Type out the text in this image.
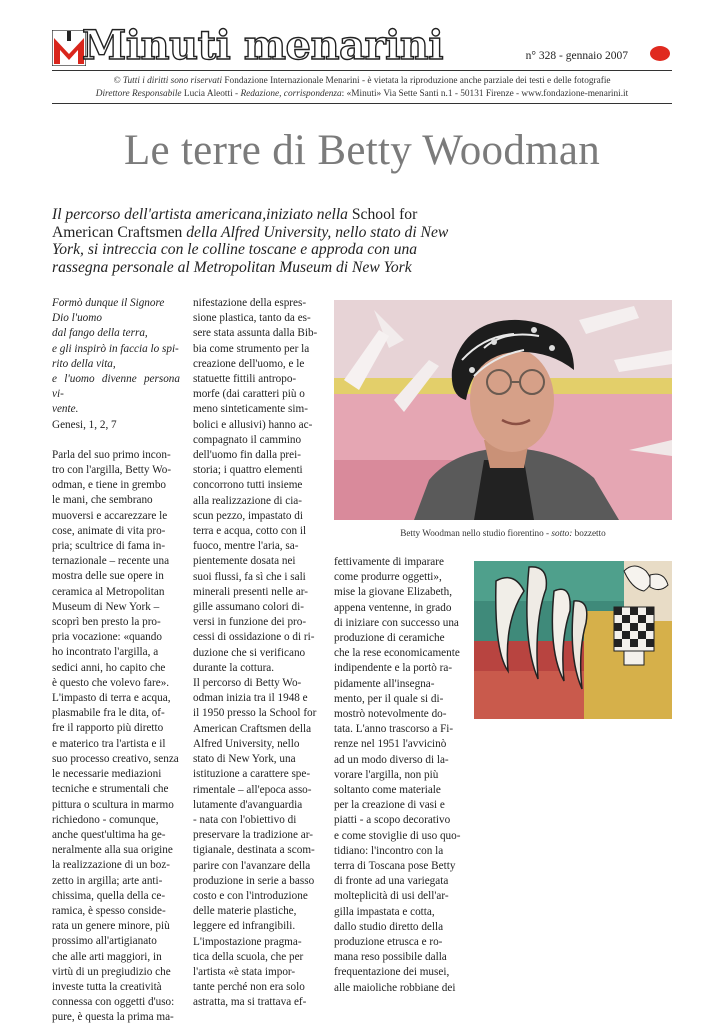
Minuti menarini	n° 328 - gennaio 2007
© Tutti i diritti sono riservati Fondazione Internazionale Menarini - è vietata la riproduzione anche parziale dei testi e delle fotografie
Direttore Responsabile Lucia Aleotti - Redazione, corrispondenza: «Minuti» Via Sette Santi n.1 - 50131 Firenze - www.fondazione-menarini.it
Le terre di Betty Woodman
Il percorso dell'artista americana,iniziato nella School for American Craftsmen della Alfred University, nello stato di New York, si intreccia con le colline toscane e approda con una rassegna personale al Metropolitan Museum di New York
Formò dunque il Signore
Dio l'uomo
dal fango della terra,
e gli inspirò in faccia lo spi-
rito della vita,
e l'uomo divenne persona vi-
vente.

Genesi, 1, 2, 7

Parla del suo primo incon-
tro con l'argilla, Betty Wo-
odman, e tiene in grembo
le mani, che sembrano
muoversi e accarezzare le
cose, animate di vita pro-
pria; scultrice di fama in-
ternazionale – recente una
mostra delle sue opere in
ceramica al Metropolitan
Museum di New York –
scoprì ben presto la pro-
pria vocazione: «quando
ho incontrato l'argilla, a
sedici anni, ho capito che
è questo che volevo fare».
L'impasto di terra e acqua,
plasmabile fra le dita, of-
fre il rapporto più diretto
e materico tra l'artista e il
suo processo creativo, senza
le necessarie mediazioni
tecniche e strumentali che
pittura o scultura in marmo
richiedono - comunque,
anche quest'ultima ha ge-
neralmente alla sua origine
la realizzazione di un boz-
zetto in argilla; arte anti-
chissima, quella della ce-
ramica, è spesso conside-
rata un genere minore, più
prossimo all'artigianato
che alle arti maggiori, in
virtù di un pregiudizio che
investe tutta la creatività
connessa con oggetti d'uso:
pure, è questa la prima ma-
nifestazione della espres-
sione plastica, tanto da es-
sere stata assunta dalla Bib-
bia come strumento per la
creazione dell'uomo, e le
statuette fittili antropo-
morfe (dai caratteri più o
meno sinteticamente sim-
bolici e allusivi) hanno ac-
compagnato il cammino
dell'uomo fin dalla prei-
storia; i quattro elementi
concorrono tutti insieme
alla realizzazione di cia-
scun pezzo, impastato di
terra e acqua, cotto con il
fuoco, mentre l'aria, sa-
pientemente dosata nei
suoi flussi, fa sì che i sali
minerali presenti nelle ar-
gille assumano colori di-
versi in funzione dei pro-
cessi di ossidazione o di ri-
duzione che si verificano
durante la cottura.
Il percorso di Betty Wo-
odman inizia tra il 1948 e
il 1950 presso la School for
American Craftsmen della
Alfred University, nello
stato di New York, una
istituzione a carattere spe-
rimentale – all'epoca asso-
lutamente d'avanguardia
- nata con l'obiettivo di
preservare la tradizione ar-
tigianale, destinata a scom-
parire con l'avanzare della
produzione in serie a basso
costo e con l'introduzione
delle materie plastiche,
leggere ed infrangibili.
L'impostazione pragma-
tica della scuola, che per
l'artista «è stata impor-
tante perché non era solo
astratta, ma si trattava ef-
fettivamente di imparare
come produrre oggetti»,
mise la giovane Elizabeth,
appena ventenne, in grado
di iniziare con successo una
produzione di ceramiche
che la rese economicamente
indipendente e la portò ra-
pidamente all'insegna-
mento, per il quale si di-
mostrò notevolmente do-
tata. L'anno trascorso a Fi-
renze nel 1951 l'avvicinò
ad un modo diverso di la-
vorare l'argilla, non più
soltanto come materiale
per la creazione di vasi e
piatti - a scopo decorativo
e come stoviglie di uso quo-
tidiano: l'incontro con la
terra di Toscana pose Betty
di fronte ad una variegata
molteplicità di usi dell'ar-
gilla impastata e cotta,
dallo studio diretto della
produzione etrusca e ro-
mana reso possibile dalla
frequentazione dei musei,
alle maioliche robbiane dei
Betty Woodman nello studio fiorentino - sotto: bozzetto
